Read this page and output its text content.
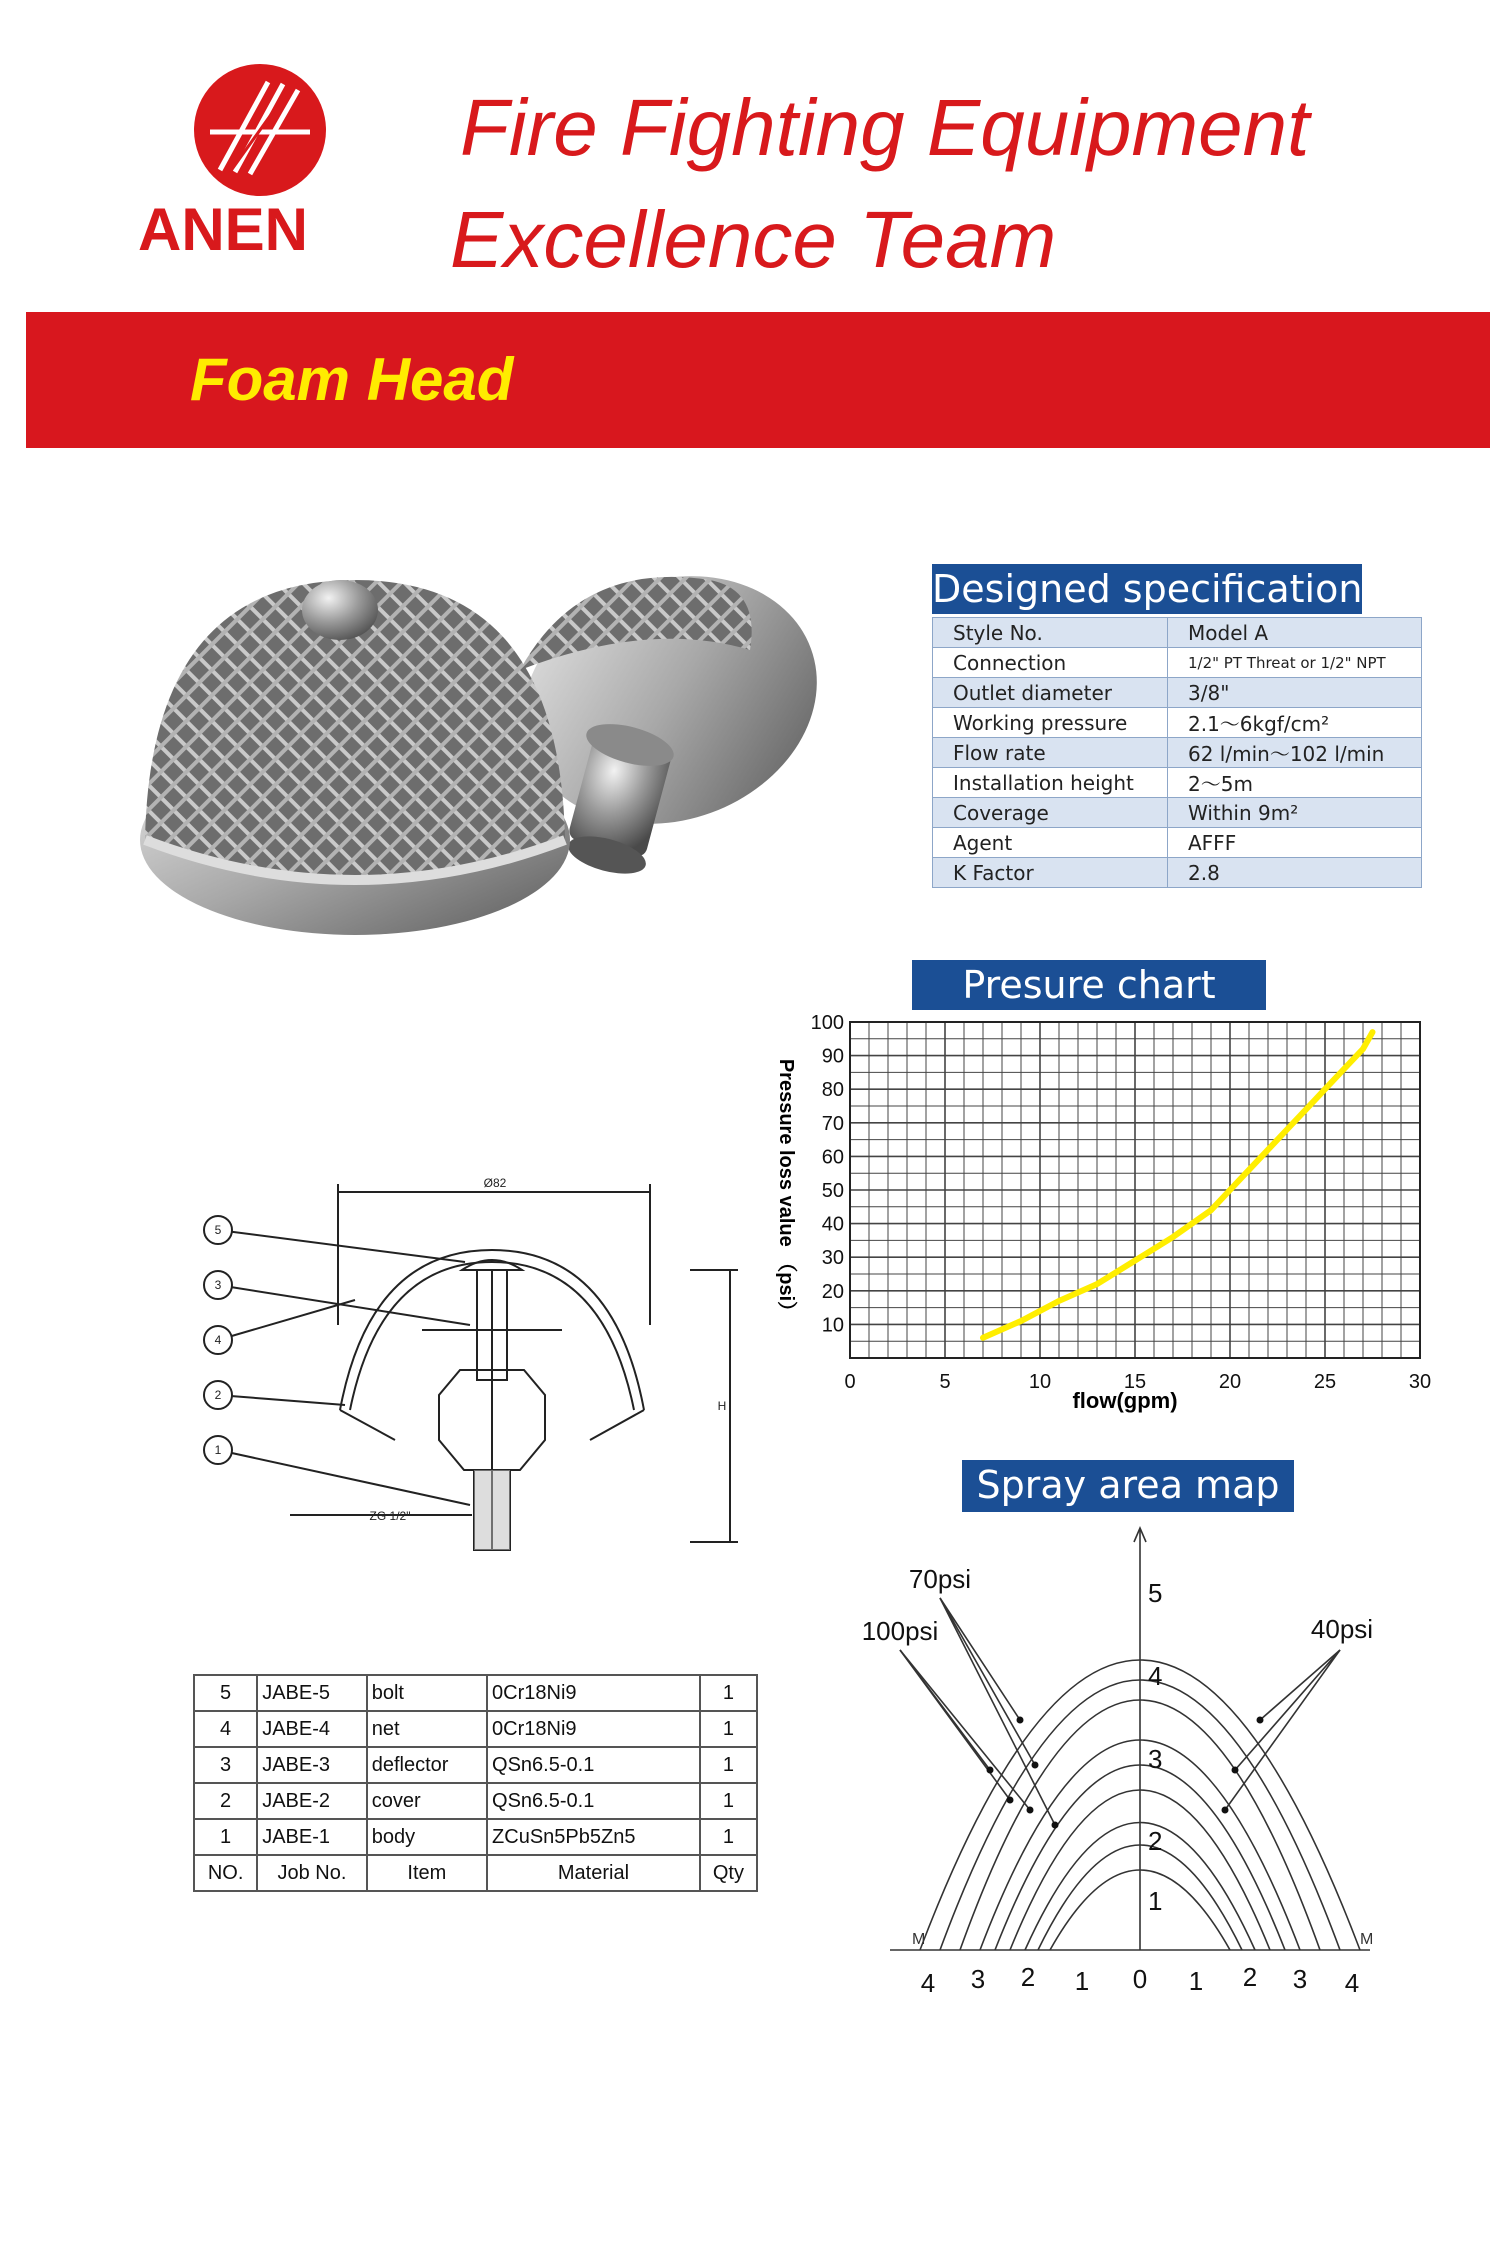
ANEN
Fire Fighting Equipment
Excellence Team
Foam Head
Designed specification
Style No.	Model A
Connection	1/2" PT Threat or 1/2" NPT
Outlet diameter	3/8"
Working pressure	2.1～6kgf/cm²
Flow rate	62 l/min～102 l/min
Installation height	2～5m
Coverage	Within 9m²
Agent	AFFF
K Factor	2.8
Presure chart
0	5	10	15	20	25	30
10
20
30
40
50
60
70
80
90
100
flow(gpm)
Pressure loss value （psi）
5
3
4
2
1
Ø82
H
ZG 1/2"
5	JABE-5	bolt	0Cr18Ni9	1
4	JABE-4	net	0Cr18Ni9	1
3	JABE-3	deflector	QSn6.5-0.1	1
2	JABE-2	cover	QSn6.5-0.1	1
1	JABE-1	body	ZCuSn5Pb5Zn5	1
NO.	Job No.	Item	Material	Qty
Spray area map
70psi
100psi	40psi
M	M
4 3 2 1 0 1 2 3 4
1
2
3
4
5
